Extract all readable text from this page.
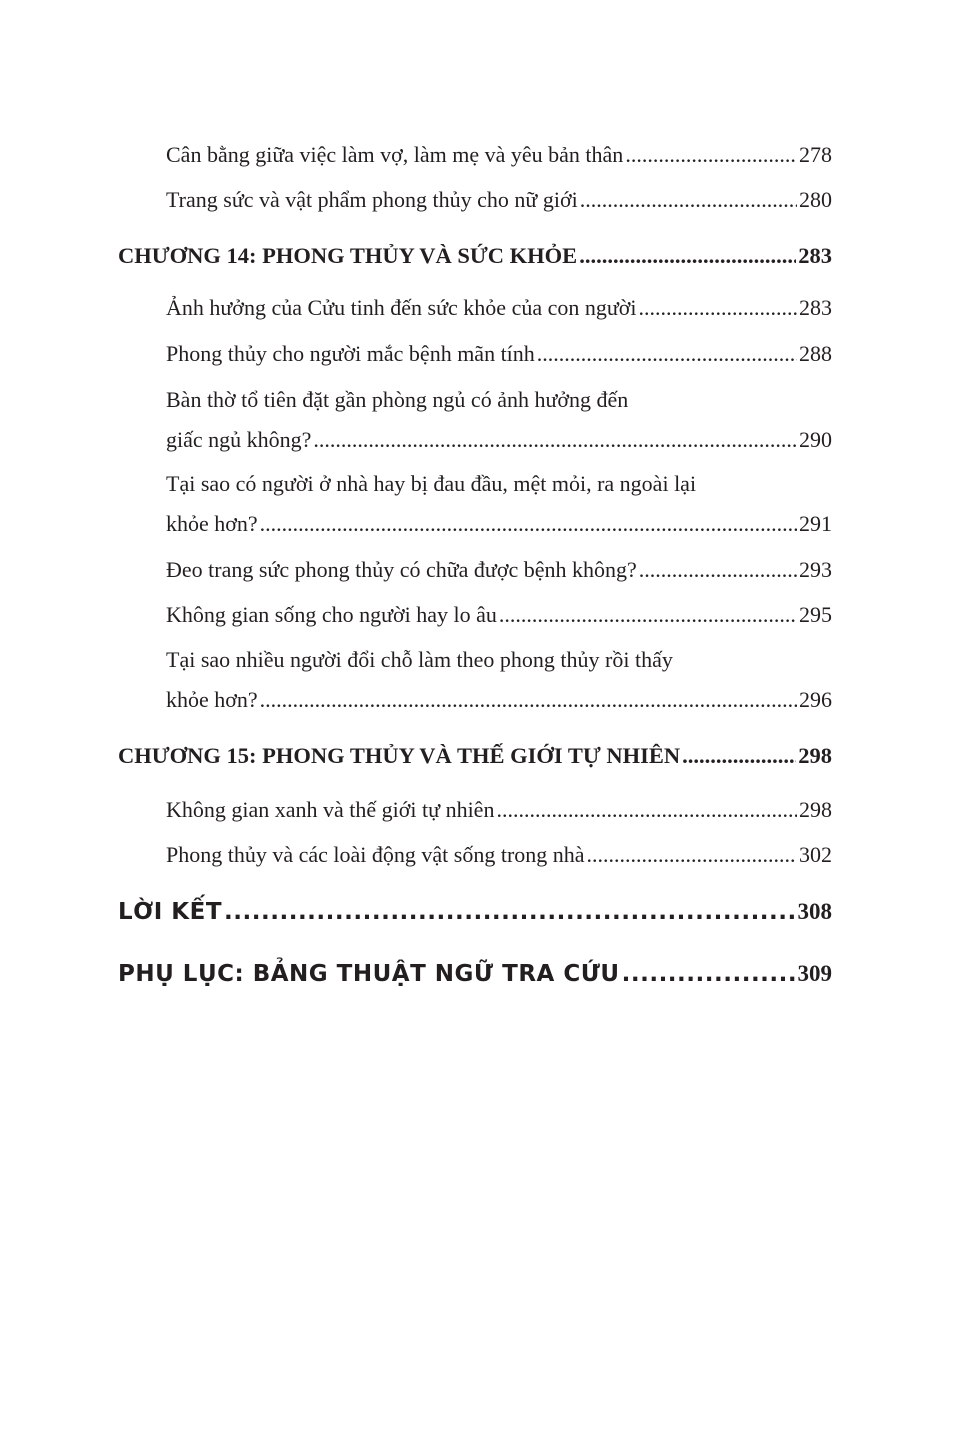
Cân bằng giữa việc làm vợ, làm mẹ và yêu bản thân .....	278
Trang sức và vật phẩm phong thủy cho nữ giới .....	280
CHƯƠNG 14: PHONG THỦY VÀ SỨC KHỎE .....	283
Ảnh hưởng của Cửu tinh đến sức khỏe của con người .....	283
Phong thủy cho người mắc bệnh mãn tính .....	288
Bàn thờ tổ tiên đặt gần phòng ngủ có ảnh hưởng đến
giấc ngủ không? .....	290
Tại sao có người ở nhà hay bị đau đầu, mệt mỏi, ra ngoài lại
khỏe hơn? .....	291
Đeo trang sức phong thủy có chữa được bệnh không? .....	293
Không gian sống cho người hay lo âu .....	295
Tại sao nhiều người đổi chỗ làm theo phong thủy rồi thấy
khỏe hơn? .....	296
CHƯƠNG 15: PHONG THỦY VÀ THẾ GIỚI TỰ NHIÊN .....	298
Không gian xanh và thế giới tự nhiên .....	298
Phong thủy và các loài động vật sống trong nhà .....	302
LỜI KẾT .....	308
PHỤ LỤC: BẢNG THUẬT NGỮ TRA CỨU .....	309
